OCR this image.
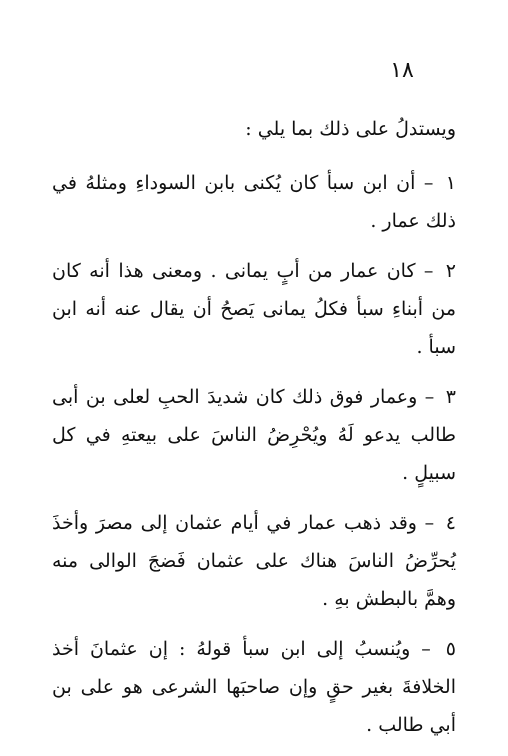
١٨

ويستدلُ على ذلك بما يلي :

١ – أن ابن سبأ كان يُكنى بابن السوداءِ ومثلهُ في ذلك عمار .

٢ – كان عمار من أبٍ يمانى . ومعنى هذا أنه كان من أبناءِ سبأ فكلُ يمانى يَصحُ أن يقال عنه أنه ابن سبأ .

٣ – وعمار فوق ذلك كان شديدَ الحبِ لعلى بن أبى طالب يدعو لَهُ ويُحْرِضُ الناسَ على بيعتهِ في كل سبيلٍ .

٤ – وقد ذهب عمار في أيام عثمان إلى مصرَ وأخذَ يُحرِّضُ الناسَ هناك على عثمان فَضجَ الوالى منه وهمَّ بالبطش بهِ .

٥ – ويُنسبُ إلى ابن سبأ قولهُ : إن عثمانَ أخذ الخلافةَ بغير حقٍ وإن صاحبَها الشرعى هو على بن أبي طالب .
